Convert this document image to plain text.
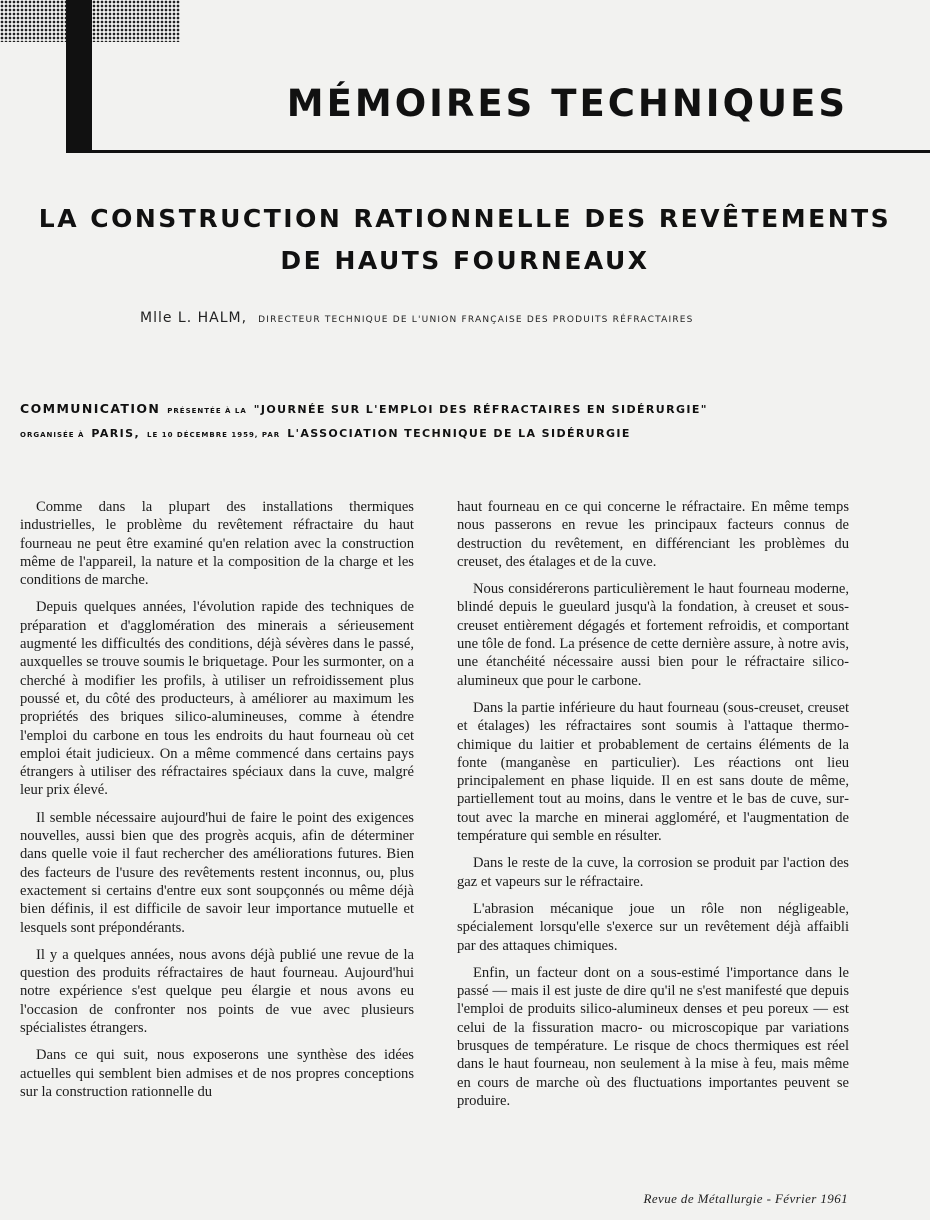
MÉMOIRES TECHNIQUES
LA CONSTRUCTION RATIONNELLE DES REVÊTEMENTS
DE HAUTS FOURNEAUX
Mlle L. HALM, DIRECTEUR TECHNIQUE DE L'UNION FRANÇAISE DES PRODUITS RÉFRACTAIRES
COMMUNICATION PRÉSENTÉE À LA "JOURNÉE SUR L'EMPLOI DES RÉFRACTAIRES EN SIDÉRURGIE"
ORGANISÉE À PARIS, LE 10 DÉCEMBRE 1959, PAR L'ASSOCIATION TECHNIQUE DE LA SIDÉRURGIE

Comme dans la plupart des installations thermiques industrielles, le problème du revêtement réfractaire du haut fourneau ne peut être examiné qu'en relation avec la construction même de l'appareil, la nature et la composition de la charge et les conditions de marche.

Depuis quelques années, l'évolution rapide des techniques de préparation et d'agglomération des minerais a sérieusement augmenté les difficultés des conditions, déjà sévères dans le passé, auxquelles se trouve soumis le briquetage. Pour les surmonter, on a cherché à modifier les profils, à utiliser un refroidissement plus poussé et, du côté des producteurs, à améliorer au maximum les propriétés des briques silico-alumineuses, comme à étendre l'emploi du carbone en tous les endroits du haut fourneau où cet emploi était judicieux. On a même commencé dans certains pays étrangers à utiliser des réfractaires spéciaux dans la cuve, malgré leur prix élevé.

Il semble nécessaire aujourd'hui de faire le point des exigences nouvelles, aussi bien que des progrès acquis, afin de déterminer dans quelle voie il faut rechercher des améliorations futures. Bien des facteurs de l'usure des revêtements restent inconnus, ou, plus exactement si certains d'entre eux sont soupçonnés ou même déjà bien définis, il est difficile de savoir leur importance mutuelle et lesquels sont prépondérants.

Il y a quelques années, nous avons déjà publié une revue de la question des produits réfractaires de haut fourneau. Aujourd'hui notre expérience s'est quelque peu élargie et nous avons eu l'occasion de confronter nos points de vue avec plusieurs spécialistes étrangers.

Dans ce qui suit, nous exposerons une synthèse des idées actuelles qui semblent bien admises et de nos propres conceptions sur la construction rationnelle du

haut fourneau en ce qui concerne le réfractaire. En même temps nous passerons en revue les principaux facteurs connus de destruction du revêtement, en différenciant les problèmes du creuset, des étalages et de la cuve.

Nous considérerons particulièrement le haut fourneau moderne, blindé depuis le gueulard jusqu'à la fondation, à creuset et sous-creuset entièrement dégagés et fortement refroidis, et comportant une tôle de fond. La présence de cette dernière assure, à notre avis, une étanchéité nécessaire aussi bien pour le réfractaire silico-alumineux que pour le carbone.

Dans la partie inférieure du haut fourneau (sous-creuset, creuset et étalages) les réfractaires sont soumis à l'attaque thermo-chimique du laitier et probablement de certains éléments de la fonte (manganèse en particulier). Les réactions ont lieu principalement en phase liquide. Il en est sans doute de même, partiellement tout au moins, dans le ventre et le bas de cuve, surtout avec la marche en minerai aggloméré, et l'augmentation de température qui semble en résulter.

Dans le reste de la cuve, la corrosion se produit par l'action des gaz et vapeurs sur le réfractaire.

L'abrasion mécanique joue un rôle non négligeable, spécialement lorsqu'elle s'exerce sur un revêtement déjà affaibli par des attaques chimiques.

Enfin, un facteur dont on a sous-estimé l'importance dans le passé — mais il est juste de dire qu'il ne s'est manifesté que depuis l'emploi de produits silico-alumineux denses et peu poreux — est celui de la fissuration macro- ou microscopique par variations brusques de température. Le risque de chocs thermiques est réel dans le haut fourneau, non seulement à la mise à feu, mais même en cours de marche où des fluctuations importantes peuvent se produire.

Revue de Métallurgie - Février 1961
